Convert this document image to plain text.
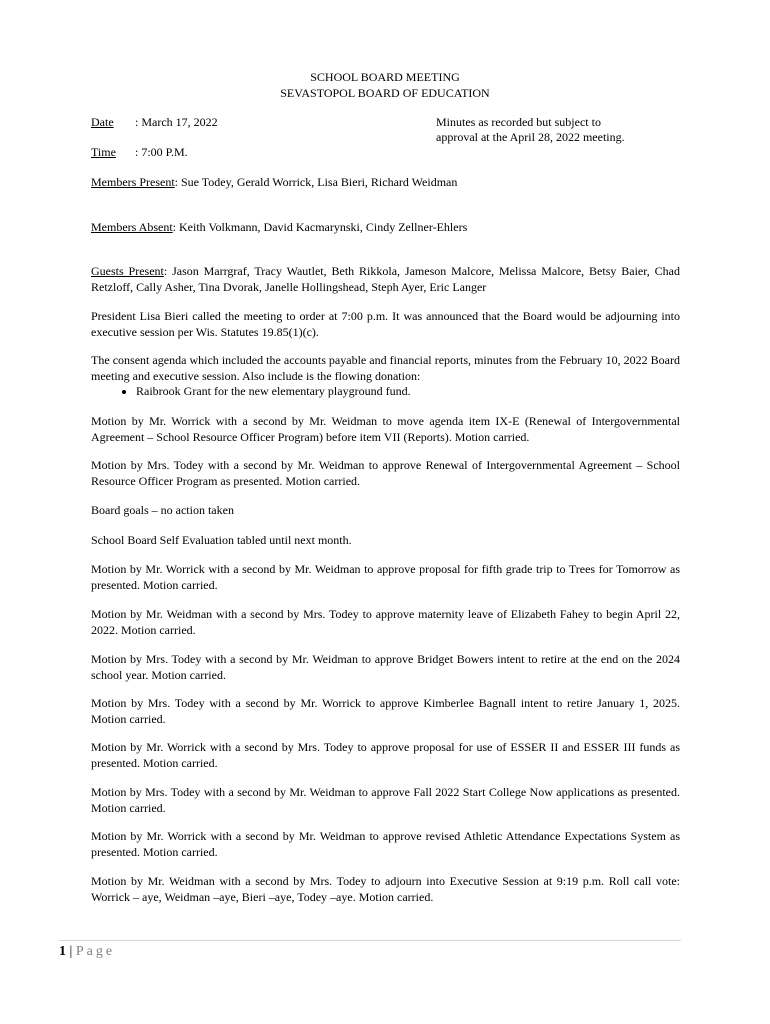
SCHOOL BOARD MEETING
SEVASTOPOL BOARD OF EDUCATION
Date : March 17, 2022	Minutes as recorded but subject to
approval at the April 28, 2022 meeting.
Time : 7:00 P.M.
Members Present: Sue Todey, Gerald Worrick, Lisa Bieri, Richard Weidman
Members Absent: Keith Volkmann, David Kacmarynski, Cindy Zellner-Ehlers
Guests Present: Jason Marrgraf, Tracy Wautlet, Beth Rikkola, Jameson Malcore, Melissa Malcore, Betsy Baier, Chad Retzloff, Cally Asher, Tina Dvorak, Janelle Hollingshead, Steph Ayer, Eric Langer
President Lisa Bieri called the meeting to order at 7:00 p.m. It was announced that the Board would be adjourning into executive session per Wis. Statutes 19.85(1)(c).
The consent agenda which included the accounts payable and financial reports, minutes from the February 10, 2022 Board meeting and executive session. Also include is the flowing donation:
• Raibrook Grant for the new elementary playground fund.
Motion by Mr. Worrick with a second by Mr. Weidman to move agenda item IX-E (Renewal of Intergovernmental Agreement – School Resource Officer Program) before item VII (Reports). Motion carried.
Motion by Mrs. Todey with a second by Mr. Weidman to approve Renewal of Intergovernmental Agreement – School Resource Officer Program as presented. Motion carried.
Board goals – no action taken
School Board Self Evaluation tabled until next month.
Motion by Mr. Worrick with a second by Mr. Weidman to approve proposal for fifth grade trip to Trees for Tomorrow as presented. Motion carried.
Motion by Mr. Weidman with a second by Mrs. Todey to approve maternity leave of Elizabeth Fahey to begin April 22, 2022. Motion carried.
Motion by Mrs. Todey with a second by Mr. Weidman to approve Bridget Bowers intent to retire at the end on the 2024 school year. Motion carried.
Motion by Mrs. Todey with a second by Mr. Worrick to approve Kimberlee Bagnall intent to retire January 1, 2025. Motion carried.
Motion by Mr. Worrick with a second by Mrs. Todey to approve proposal for use of ESSER II and ESSER III funds as presented. Motion carried.
Motion by Mrs. Todey with a second by Mr. Weidman to approve Fall 2022 Start College Now applications as presented. Motion carried.
Motion by Mr. Worrick with a second by Mr. Weidman to approve revised Athletic Attendance Expectations System as presented. Motion carried.
Motion by Mr. Weidman with a second by Mrs. Todey to adjourn into Executive Session at 9:19 p.m. Roll call vote: Worrick – aye, Weidman –aye, Bieri –aye, Todey –aye. Motion carried.
1 | Page
